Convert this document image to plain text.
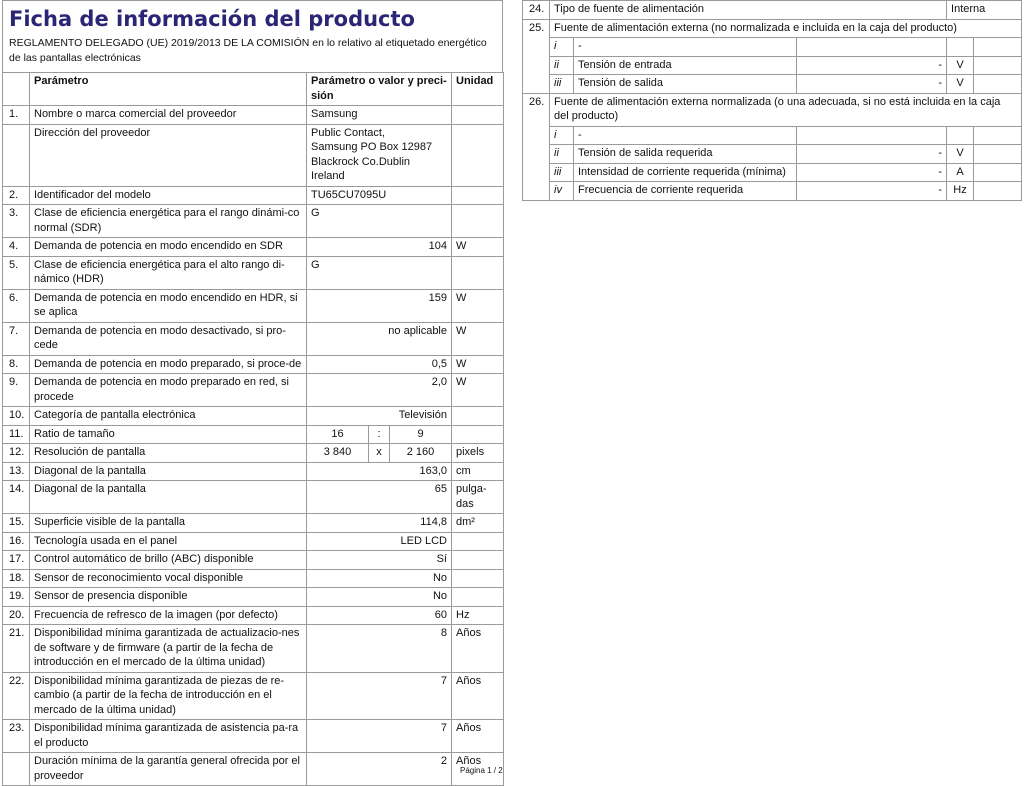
Ficha de información del producto
REGLAMENTO DELEGADO (UE) 2019/2013 DE LA COMISIÓN en lo relativo al etiquetado energético de las pantallas electrónicas
	Parámetro	Parámetro o valor y preci-sión			Unidad
1.	Nombre o marca comercial del proveedor	Samsung			
	Dirección del proveedor	Public Contact, Samsung PO Box 12987 Blackrock Co.Dublin Ireland			
2.	Identificador del modelo	TU65CU7095U			
3.	Clase de eficiencia energética para el rango dinámi-co normal (SDR)	G			
4.	Demanda de potencia en modo encendido en SDR	104			W
5.	Clase de eficiencia energética para el alto rango di-námico (HDR)	G			
6.	Demanda de potencia en modo encendido en HDR, si se aplica	159			W
7.	Demanda de potencia en modo desactivado, si pro-cede	no aplicable			W
8.	Demanda de potencia en modo preparado, si proce-de	0,5			W
9.	Demanda de potencia en modo preparado en red, si procede	2,0			W
10.	Categoría de pantalla electrónica	Televisión			
11.	Ratio de tamaño	16	:	9	
12.	Resolución de pantalla	3 840	x	2 160	pixels
13.	Diagonal de la pantalla	163,0			cm
14.	Diagonal de la pantalla	65			pulga-das
15.	Superficie visible de la pantalla	114,8			dm²
16.	Tecnología usada en el panel	LED LCD			
17.	Control automático de brillo (ABC) disponible	Sí			
18.	Sensor de reconocimiento vocal disponible	No			
19.	Sensor de presencia disponible	No			
20.	Frecuencia de refresco de la imagen (por defecto)	60			Hz
21.	Disponibilidad mínima garantizada de actualizacio-nes de software y de firmware (a partir de la fecha de introducción en el mercado de la última unidad)	8			Años
22.	Disponibilidad mínima garantizada de piezas de re-cambio (a partir de la fecha de introducción en el mercado de la última unidad)	7			Años
23.	Disponibilidad mínima garantizada de asistencia pa-ra el producto	7			Años
	Duración mínima de la garantía general ofrecida por el proveedor	2			Años
24.	Tipo de fuente de alimentación			Interna	
25.	Fuente de alimentación externa (no normalizada e incluida en la caja del producto)				
	i	-			
	ii	Tensión de entrada	-	V	
	iii	Tensión de salida	-	V	
26.	Fuente de alimentación externa normalizada (o una adecuada, si no está incluida en la caja del producto)				
	i	-			
	ii	Tensión de salida requerida	-	V	
	iii	Intensidad de corriente requerida (mínima)	-	A	
	iv	Frecuencia de corriente requerida	-	Hz	
Página 1 / 2
